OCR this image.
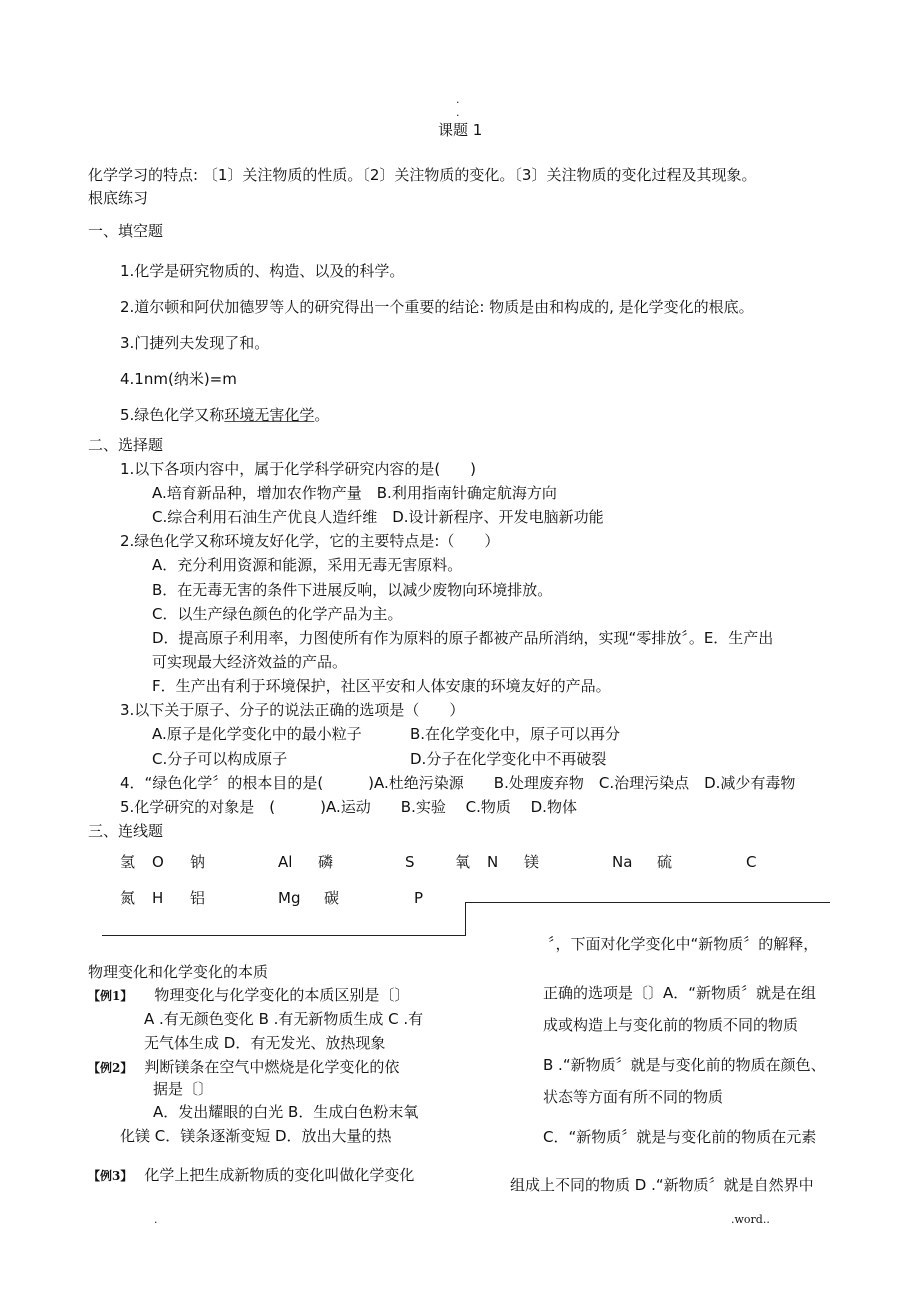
.
.
课题 1
化学学习的特点: 〔1〕关注物质的性质。〔2〕关注物质的变化。〔3〕关注物质的变化过程及其现象。
根底练习
一、填空题
1.化学是研究物质的、构造、以及的科学。
2.道尔顿和阿伏加德罗等人的研究得出一个重要的结论: 物质是由和构成的, 是化学变化的根底。
3.门捷列夫发现了和。
4.1nm(纳米)=m
5.绿色化学又称环境无害化学。
二、选择题
1.以下各项内容中，属于化学科学研究内容的是(　　)
A.培育新品种，增加农作物产量　B.利用指南针确定航海方向
C.综合利用石油生产优良人造纤维　D.设计新程序、开发电脑新功能
2.绿色化学又称环境友好化学，它的主要特点是:（　　）
A．充分利用资源和能源，采用无毒无害原料。
B．在无毒无害的条件下进展反响，以减少废物向环境排放。
C．以生产绿色颜色的化学产品为主。
D．提高原子利用率，力图使所有作为原料的原子都被产品所消纳，实现“零排放〞。E．生产出
可实现最大经济效益的产品。
F．生产出有利于环境保护，社区平安和人体安康的环境友好的产品。
3.以下关于原子、分子的说法正确的选项是（　　）
A.原子是化学变化中的最小粒子	B.在化学变化中，原子可以再分
C.分子可以构成原子	D.分子在化学变化中不再破裂
4．“绿色化学〞的根本目的是(　　　)A.杜绝污染源　　B.处理废弃物　C.治理污染点　D.减少有毒物
5.化学研究的对象是　(　　　)A.运动　　B.实验　 C.物质　 D.物体
三、连线题
氢 O 钠	Al 磷	S	氧 N 镁	Na 硫	C
氮 H 铝	Mg 碳	P
物理变化和化学变化的本质
【例1】 物理变化与化学变化的本质区别是〔〕
A .有无颜色变化 B .有无新物质生成 C .有
无气体生成 D．有无发光、放热现象
【例2】 判断镁条在空气中燃烧是化学变化的依
据是〔〕
A．发出耀眼的白光 B．生成白色粉末氧
化镁 C．镁条逐渐变短 D．放出大量的热
【例3】 化学上把生成新物质的变化叫做化学变化
〞，下面对化学变化中“新物质〞的解释，
正确的选项是〔〕A．“新物质〞就是在组
成或构造上与变化前的物质不同的物质
B .“新物质〞就是与变化前的物质在颜色、
状态等方面有所不同的物质
C．“新物质〞就是与变化前的物质在元素
组成上不同的物质 D .“新物质〞就是自然界中
.	.word..
